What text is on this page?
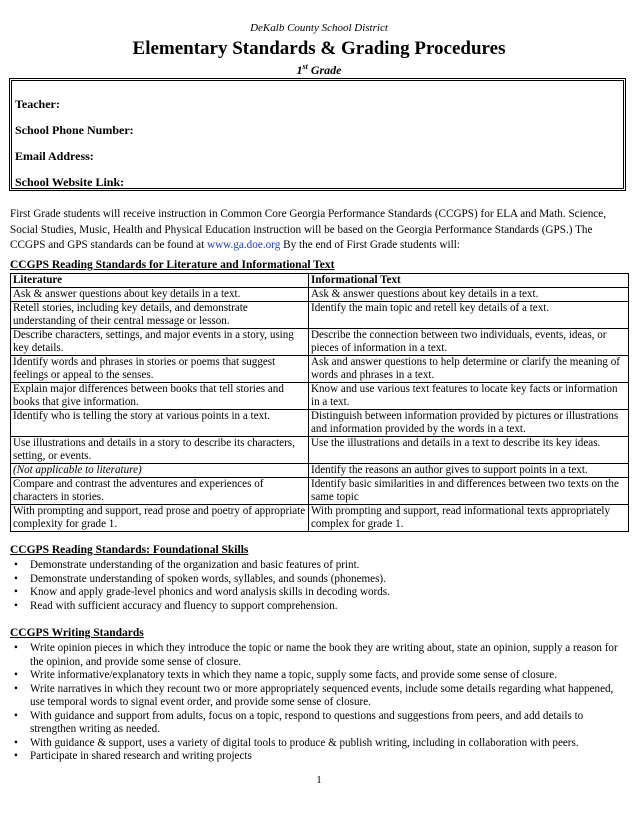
DeKalb County School District
Elementary Standards & Grading Procedures
1st Grade
Teacher:
School Phone Number:
Email Address:
School Website Link:
First Grade students will receive instruction in Common Core Georgia Performance Standards (CCGPS) for ELA and Math. Science, Social Studies, Music, Health and Physical Education instruction will be based on the Georgia Performance Standards (GPS.) The CCGPS and GPS standards can be found at www.ga.doe.org By the end of First Grade students will:
CCGPS Reading Standards for Literature and Informational Text
Literature	Informational Text
Ask & answer questions about key details in a text.	Ask & answer questions about key details in a text.
Retell stories, including key details, and demonstrate understanding of their central message or lesson.	Identify the main topic and retell key details of a text.
Describe characters, settings, and major events in a story, using key details.	Describe the connection between two individuals, events, ideas, or pieces of information in a text.
Identify words and phrases in stories or poems that suggest feelings or appeal to the senses.	Ask and answer questions to help determine or clarify the meaning of words and phrases in a text.
Explain major differences between books that tell stories and books that give information.	Know and use various text features to locate key facts or information in a text.
Identify who is telling the story at various points in a text.	Distinguish between information provided by pictures or illustrations and information provided by the words in a text.
Use illustrations and details in a story to describe its characters, setting, or events.	Use the illustrations and details in a text to describe its key ideas.
(Not applicable to literature)	Identify the reasons an author gives to support points in a text.
Compare and contrast the adventures and experiences of characters in stories.	Identify basic similarities in and differences between two texts on the same topic
With prompting and support, read prose and poetry of appropriate complexity for grade 1.	With prompting and support, read informational texts appropriately complex for grade 1.
CCGPS Reading Standards: Foundational Skills
• Demonstrate understanding of the organization and basic features of print.
• Demonstrate understanding of spoken words, syllables, and sounds (phonemes).
• Know and apply grade-level phonics and word analysis skills in decoding words.
• Read with sufficient accuracy and fluency to support comprehension.
CCGPS Writing Standards
• Write opinion pieces in which they introduce the topic or name the book they are writing about, state an opinion, supply a reason for the opinion, and provide some sense of closure.
• Write informative/explanatory texts in which they name a topic, supply some facts, and provide some sense of closure.
• Write narratives in which they recount two or more appropriately sequenced events, include some details regarding what happened, use temporal words to signal event order, and provide some sense of closure.
• With guidance and support from adults, focus on a topic, respond to questions and suggestions from peers, and add details to strengthen writing as needed.
• With guidance & support, uses a variety of digital tools to produce & publish writing, including in collaboration with peers.
• Participate in shared research and writing projects
1
